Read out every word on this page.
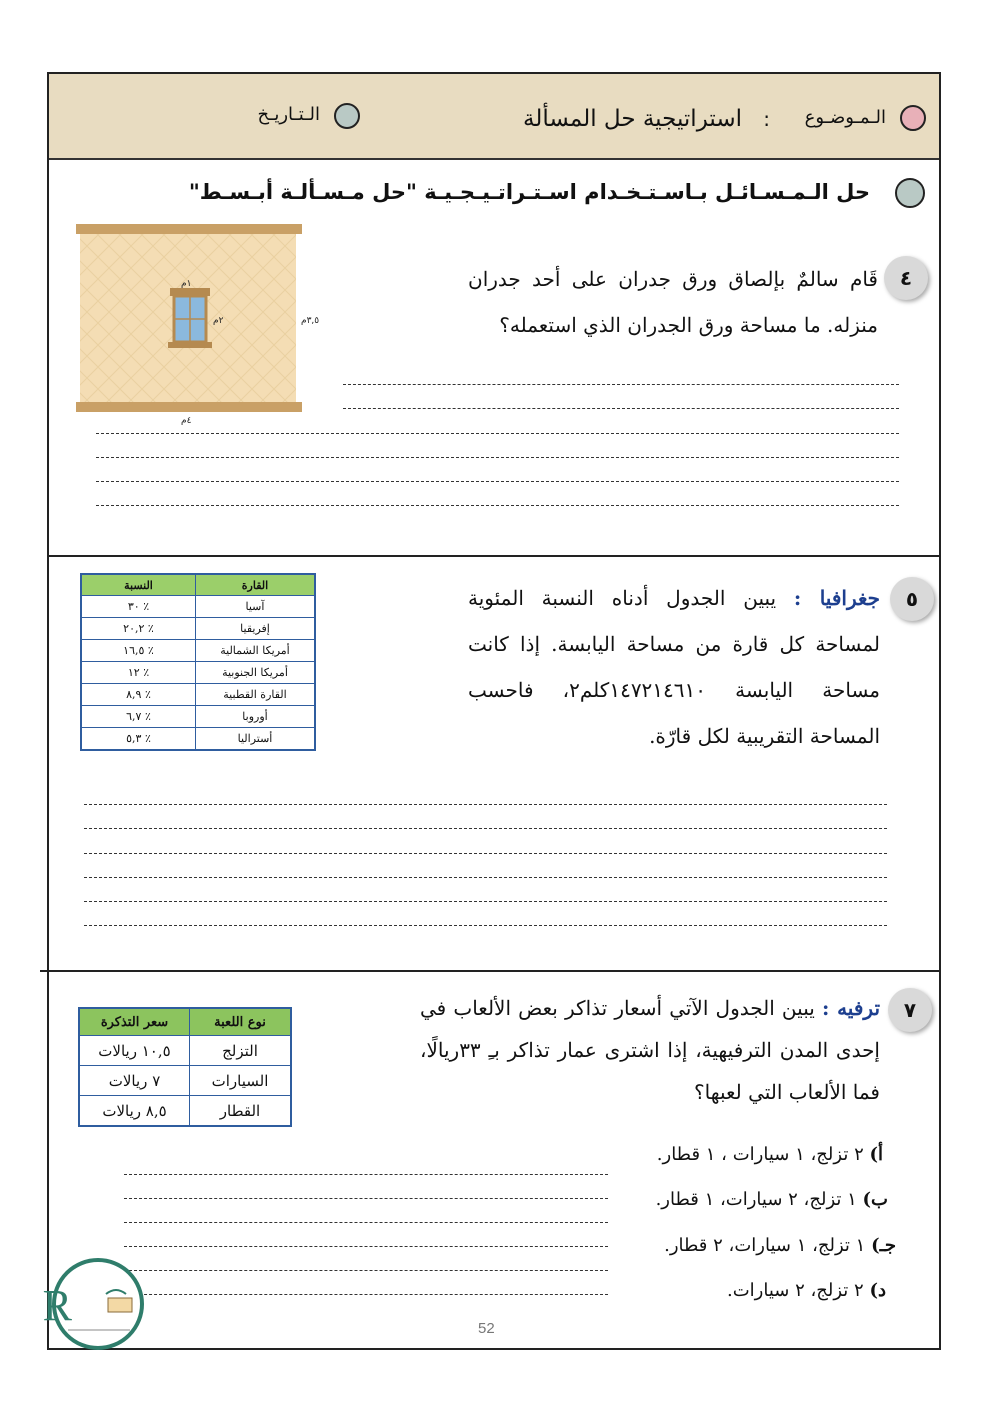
الـمـوضـوع
:
استراتيجية حل المسألة
الـتـاريـخ
حل الـمـسـائـل بـاسـتـخـدام اسـتـراتـيـجـيـة "حل مـسـألـة أبـسـط"
١م
٢م	٣,٥م
٤م
٤
قَام سالمٌ بإلصاق ورق جدران على أحد جدران منزله. ما مساحة ورق الجدران الذي استعمله؟
٥
جغرافيا : يبين الجدول أدناه النسبة المئوية لمساحة كل قارة من مساحة اليابسة. إذا كانت مساحة اليابسة ١٤٧٢١٤٦١٠كلم٢، فاحسب المساحة التقريبية لكل قارّة.
القارة	النسبة
آسيا	٪ ٣٠
إفريقيا	٪ ٢٠,٢
أمريكا الشمالية	٪ ١٦,٥
أمريكا الجنوبية	٪ ١٢
القارة القطبية	٪ ٨,٩
أوروبا	٪ ٦,٧
أستراليا	٪ ٥,٣
٧
ترفيه : يبين الجدول الآتي أسعار تذاكر بعض الألعاب في إحدى المدن الترفيهية، إذا اشترى عمار تذاكر بـِ ٣٣ريالًا، فما الألعاب التي لعبها؟
نوع اللعبة	سعر التذكرة
التزلج	١٠,٥ ريالات
السيارات	٧ ريالات
القطار	٨,٥ ريالات
أ) ٢ تزلج، ١ سيارات ، ١ قطار.
ب) ١ تزلج، ٢ سيارات، ١ قطار.
جـ) ١ تزلج، ١ سيارات، ٢ قطار.
د) ٢ تزلج، ٢ سيارات.
R	52
